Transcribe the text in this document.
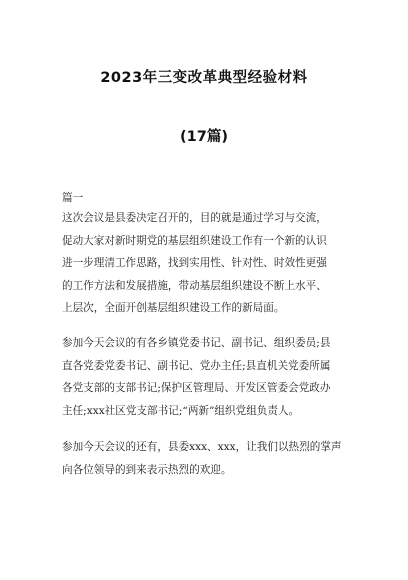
2023年三变改革典型经验材料
(17篇)
篇一
这次会议是县委决定召开的，目的就是通过学习与交流，
促动大家对新时期党的基层组织建设工作有一个新的认识
进一步理清工作思路，找到实用性、针对性、时效性更强
的工作方法和发展措施，带动基层组织建设不断上水平、
上层次，全面开创基层组织建设工作的新局面。
参加今天会议的有各乡镇党委书记、副书记、组织委员;县
直各党委党委书记、副书记、党办主任;县直机关党委所属
各党支部的支部书记;保护区管理局、开发区管委会党政办
主任;xxx社区党支部书记;“两新”组织党组负责人。
参加今天会议的还有，县委xxx、xxx，让我们以热烈的掌声
向各位领导的到来表示热烈的欢迎。
